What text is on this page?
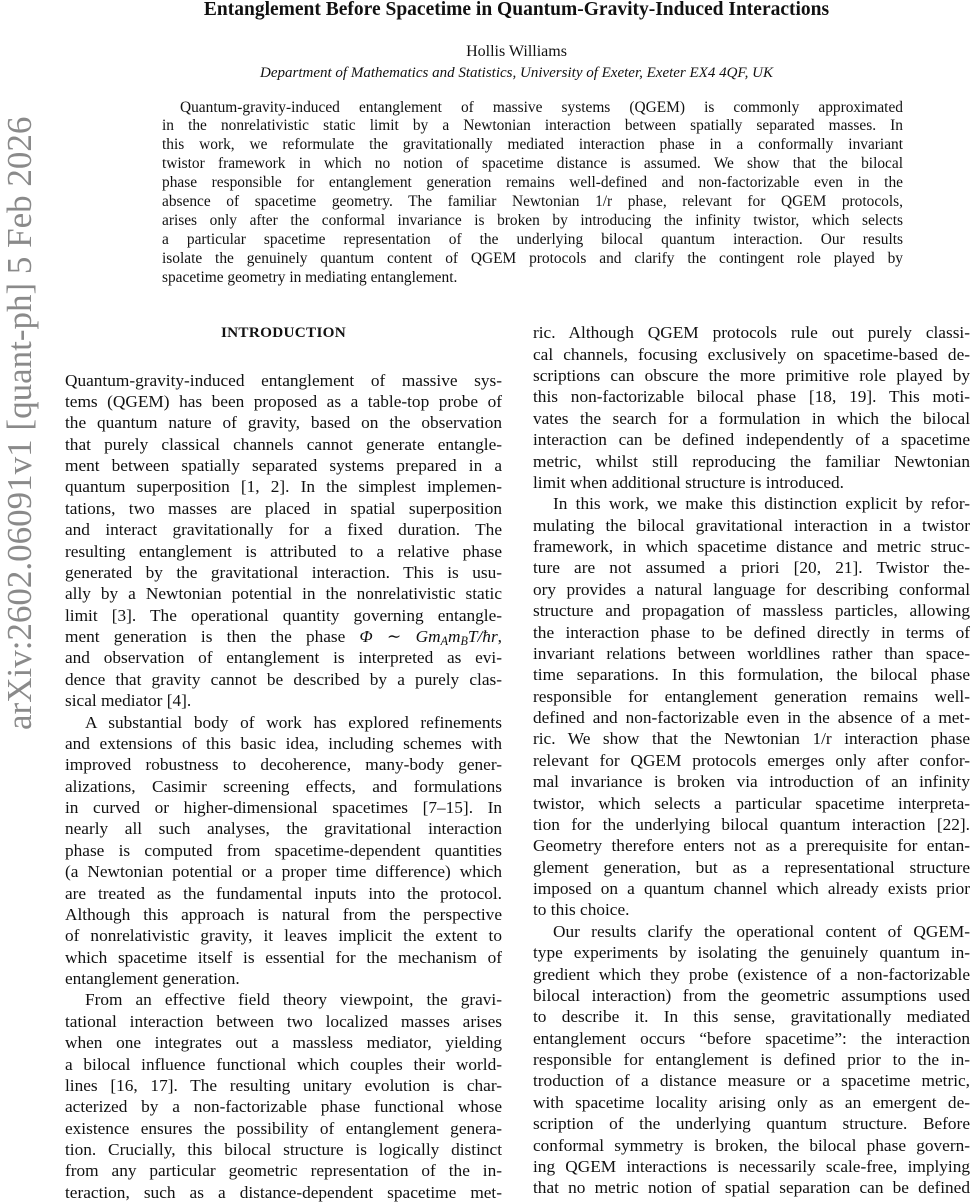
arXiv:2602.06091v1 [quant-ph] 5 Feb 2026
Entanglement Before Spacetime in Quantum-Gravity-Induced Interactions
Hollis Williams
Department of Mathematics and Statistics, University of Exeter, Exeter EX4 4QF, UK
Quantum-gravity-induced entanglement of massive systems (QGEM) is commonly approximated
in the nonrelativistic static limit by a Newtonian interaction between spatially separated masses. In
this work, we reformulate the gravitationally mediated interaction phase in a conformally invariant
twistor framework in which no notion of spacetime distance is assumed. We show that the bilocal
phase responsible for entanglement generation remains well-defined and non-factorizable even in the
absence of spacetime geometry. The familiar Newtonian 1/r phase, relevant for QGEM protocols,
arises only after the conformal invariance is broken by introducing the infinity twistor, which selects
a particular spacetime representation of the underlying bilocal quantum interaction. Our results
isolate the genuinely quantum content of QGEM protocols and clarify the contingent role played by
spacetime geometry in mediating entanglement.
INTRODUCTION
Quantum-gravity-induced entanglement of massive sys-
tems (QGEM) has been proposed as a table-top probe of
the quantum nature of gravity, based on the observation
that purely classical channels cannot generate entangle-
ment between spatially separated systems prepared in a
quantum superposition [1, 2]. In the simplest implemen-
tations, two masses are placed in spatial superposition
and interact gravitationally for a fixed duration. The
resulting entanglement is attributed to a relative phase
generated by the gravitational interaction. This is usu-
ally by a Newtonian potential in the nonrelativistic static
limit [3]. The operational quantity governing entangle-
ment generation is then the phase Φ ∼ $Gm_Am_BT/ħr$,
and observation of entanglement is interpreted as evi-
dence that gravity cannot be described by a purely clas-
sical mediator [4].
A substantial body of work has explored refinements
and extensions of this basic idea, including schemes with
improved robustness to decoherence, many-body gener-
alizations, Casimir screening effects, and formulations
in curved or higher-dimensional spacetimes [7–15]. In
nearly all such analyses, the gravitational interaction
phase is computed from spacetime-dependent quantities
(a Newtonian potential or a proper time difference) which
are treated as the fundamental inputs into the protocol.
Although this approach is natural from the perspective
of nonrelativistic gravity, it leaves implicit the extent to
which spacetime itself is essential for the mechanism of
entanglement generation.
From an effective field theory viewpoint, the gravi-
tational interaction between two localized masses arises
when one integrates out a massless mediator, yielding
a bilocal influence functional which couples their world-
lines [16, 17]. The resulting unitary evolution is char-
acterized by a non-factorizable phase functional whose
existence ensures the possibility of entanglement genera-
tion. Crucially, this bilocal structure is logically distinct
from any particular geometric representation of the in-
teraction, such as a distance-dependent spacetime met-
ric. Although QGEM protocols rule out purely classi-
cal channels, focusing exclusively on spacetime-based de-
scriptions can obscure the more primitive role played by
this non-factorizable bilocal phase [18, 19]. This moti-
vates the search for a formulation in which the bilocal
interaction can be defined independently of a spacetime
metric, whilst still reproducing the familiar Newtonian
limit when additional structure is introduced.
In this work, we make this distinction explicit by refor-
mulating the bilocal gravitational interaction in a twistor
framework, in which spacetime distance and metric struc-
ture are not assumed a priori [20, 21]. Twistor the-
ory provides a natural language for describing conformal
structure and propagation of massless particles, allowing
the interaction phase to be defined directly in terms of
invariant relations between worldlines rather than space-
time separations. In this formulation, the bilocal phase
responsible for entanglement generation remains well-
defined and non-factorizable even in the absence of a met-
ric. We show that the Newtonian 1/r interaction phase
relevant for QGEM protocols emerges only after confor-
mal invariance is broken via introduction of an infinity
twistor, which selects a particular spacetime interpreta-
tion for the underlying bilocal quantum interaction [22].
Geometry therefore enters not as a prerequisite for entan-
glement generation, but as a representational structure
imposed on a quantum channel which already exists prior
to this choice.
Our results clarify the operational content of QGEM-
type experiments by isolating the genuinely quantum in-
gredient which they probe (existence of a non-factorizable
bilocal interaction) from the geometric assumptions used
to describe it. In this sense, gravitationally mediated
entanglement occurs “before spacetime”: the interaction
responsible for entanglement is defined prior to the in-
troduction of a distance measure or a spacetime metric,
with spacetime locality arising only as an emergent de-
scription of the underlying quantum structure. Before
conformal symmetry is broken, the bilocal phase govern-
ing QGEM interactions is necessarily scale-free, implying
that no metric notion of spatial separation can be defined
